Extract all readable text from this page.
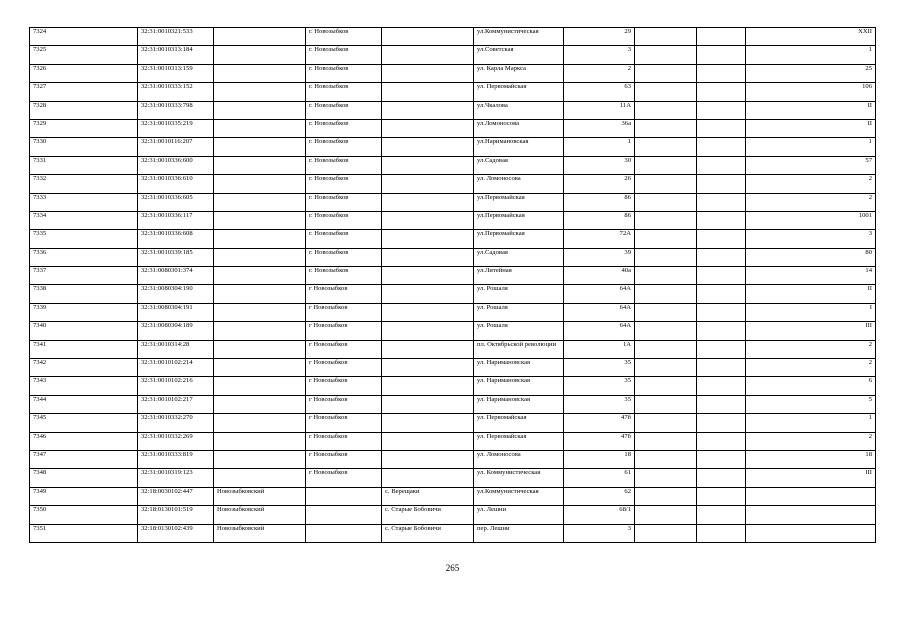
7324	32:31:0010321:533		г. Новозыбков		ул.Коммунистическая	29			XXII
7325	32:31:0010313:184		г. Новозыбков		ул.Советская	3			1
7326	32:31:0010313:159		г. Новозыбков		ул. Карла Маркса	2			25
7327	32:31:0010333:152		г. Новозыбков		ул. Первомайская	63			106
7328	32:31:0010333:798		г. Новозыбков		ул.Чкалова	11А			II
7329	32:31:0010335:219		г. Новозыбков		ул.Ломоносова	36а			II
7330	32:31:0010116:207		г. Новозыбков		ул.Наримановская	1			1
7331	32:31:0010336:600		г. Новозыбков		ул.Садовая	30			57
7332	32:31:0010336:610		г. Новозыбков		ул. Ломоносова	26			2
7333	32:31:0010336:605		г. Новозыбков		ул.Первомайская	86			2
7334	32:31:0010336:117		г. Новозыбков		ул.Первомайская	86			1001
7335	32:31:0010336:608		г. Новозыбков		ул.Первомайская	72А			3
7336	32:31:0010339:185		г. Новозыбков		ул.Садовая	39			80
7337	32:31:0080301:374		г. Новозыбков		ул.Литейная	40а			14
7338	32:31:0080304:190		г Новозыбков		ул. Рошаля	64А			II
7339	32:31:0080304:191		г Новозыбков		ул. Рошаля	64А			I
7340	32:31:0080304:189		г Новозыбков		ул. Рошаля	64А			III
7341	32:31:0010314:28		г Новозыбков		пл. Октябрьской революции	1А			2
7342	32:31:0010102:214		г Новозыбков		ул. Наримановская	35			2
7343	32:31:0010102:216		г Новозыбков		ул. Наримановская	35			6
7344	32:31:0010102:217		г Новозыбков		ул. Наримановская	35			5
7345	32:31:0010332:270		г Новозыбков		ул. Первомайская	47б			1
7346	32:31:0010332:269		г Новозыбков		ул. Первомайская	47б			2
7347	32:31:0010333:819		г Новозыбков		ул. Ломоносова	18			18
7348	32:31:0010319:123		г Новозыбков		ул. Коммунистическая	61			III
7349	32:18:0030102:447	Новозыбковский		с. Верещаки	ул.Коммунистическая	62			
7350	32:18:0130101:519	Новозыбковский		с. Старые Бобовичи	ул. Лешни	68/1			
7351	32:18:0130102:439	Новозыбковский		с. Старые Бобовичи	пер. Лешни	3			
265
